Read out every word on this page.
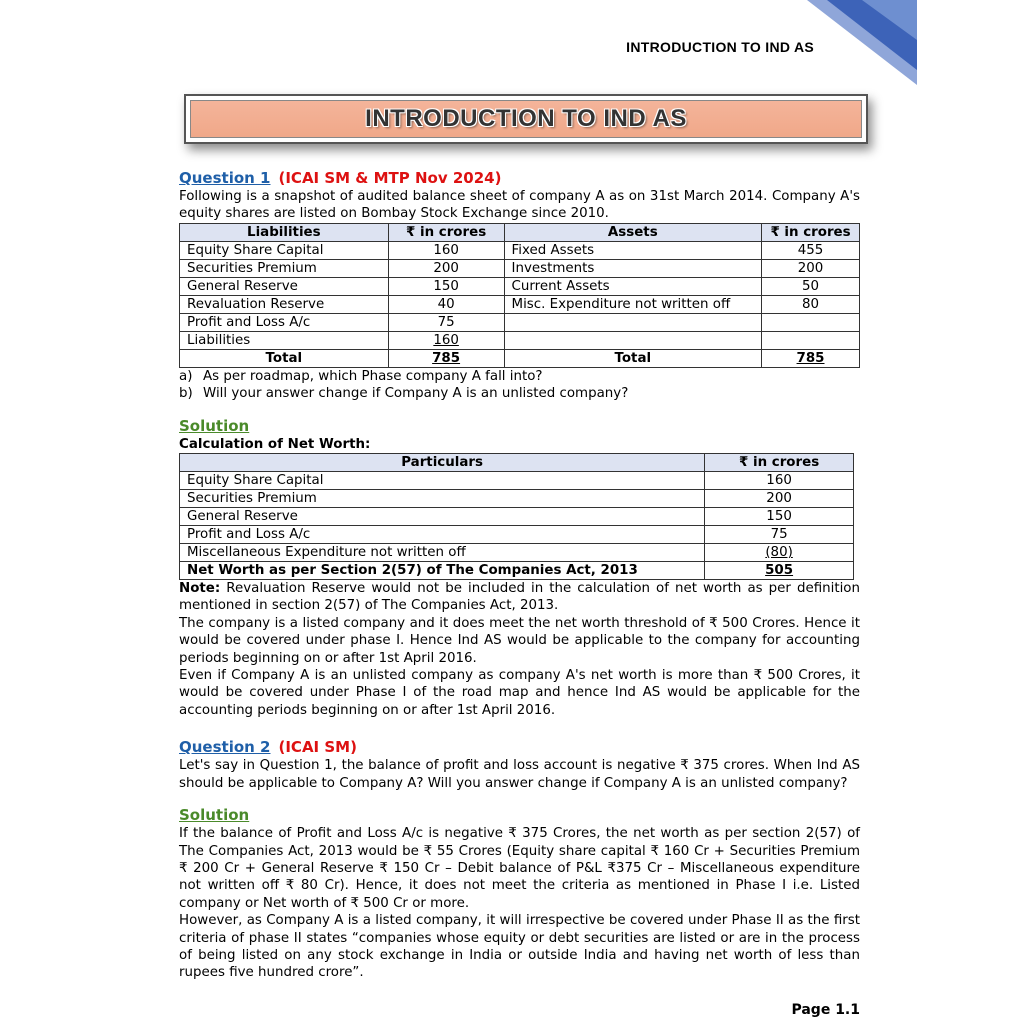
INTRODUCTION TO IND AS
INTRODUCTION TO IND AS
Question 1 (ICAI SM & MTP Nov 2024)

Following is a snapshot of audited balance sheet of company A as on 31st March 2014. Company A's equity shares are listed on Bombay Stock Exchange since 2010.

Liabilities	₹ in crores	Assets	₹ in crores
Equity Share Capital	160	Fixed Assets	455
Securities Premium	200	Investments	200
General Reserve	150	Current Assets	50
Revaluation Reserve	40	Misc. Expenditure not written off	80
Profit and Loss A/c	75		
Liabilities	160		
Total	785	Total	785

a) As per roadmap, which Phase company A fall into?

b) Will your answer change if Company A is an unlisted company?

Solution

Calculation of Net Worth:

Particulars	₹ in crores
Equity Share Capital	160
Securities Premium	200
General Reserve	150
Profit and Loss A/c	75
Miscellaneous Expenditure not written off	(80)
Net Worth as per Section 2(57) of The Companies Act, 2013	505

Note: Revaluation Reserve would not be included in the calculation of net worth as per definition mentioned in section 2(57) of The Companies Act, 2013.

The company is a listed company and it does meet the net worth threshold of ₹ 500 Crores. Hence it would be covered under phase I. Hence Ind AS would be applicable to the company for accounting periods beginning on or after 1st April 2016.

Even if Company A is an unlisted company as company A's net worth is more than ₹ 500 Crores, it would be covered under Phase I of the road map and hence Ind AS would be applicable for the accounting periods beginning on or after 1st April 2016.

Question 2 (ICAI SM)

Let's say in Question 1, the balance of profit and loss account is negative ₹ 375 crores. When Ind AS should be applicable to Company A? Will you answer change if Company A is an unlisted company?

Solution

If the balance of Profit and Loss A/c is negative ₹ 375 Crores, the net worth as per section 2(57) of The Companies Act, 2013 would be ₹ 55 Crores (Equity share capital ₹ 160 Cr + Securities Premium ₹ 200 Cr + General Reserve ₹ 150 Cr – Debit balance of P&L ₹375 Cr – Miscellaneous expenditure not written off ₹ 80 Cr). Hence, it does not meet the criteria as mentioned in Phase I i.e. Listed company or Net worth of ₹ 500 Cr or more.

However, as Company A is a listed company, it will irrespective be covered under Phase II as the first criteria of phase II states “companies whose equity or debt securities are listed or are in the process of being listed on any stock exchange in India or outside India and having net worth of less than rupees five hundred crore”.

Page 1.1
